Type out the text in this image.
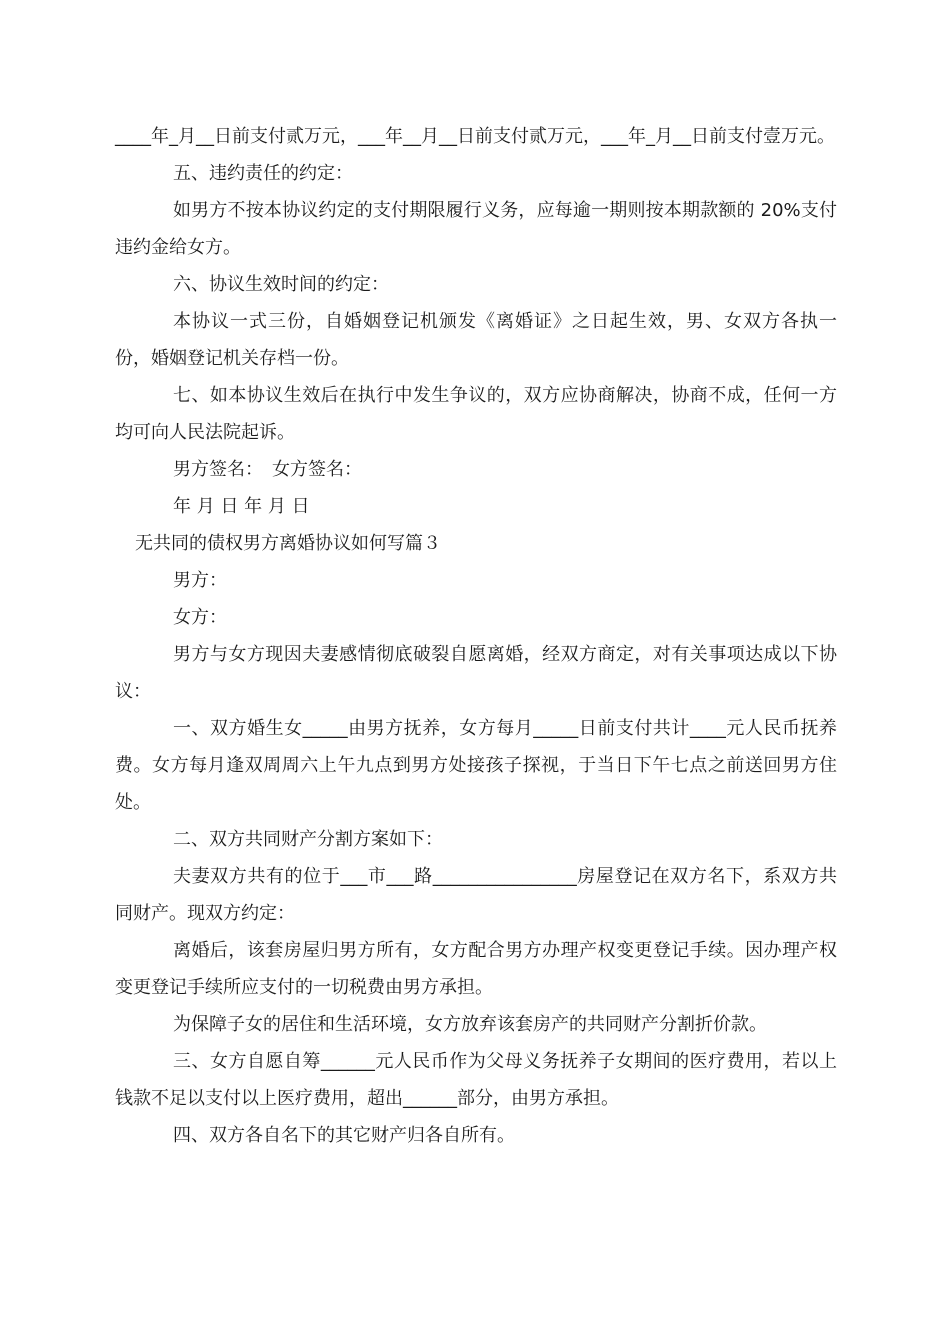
____年_月__日前支付贰万元，___年__月__日前支付贰万元，___年_月__日前支付壹万元。

五、违约责任的约定：

如男方不按本协议约定的支付期限履行义务，应每逾一期则按本期款额的 20%支付违约金给女方。

六、协议生效时间的约定：

本协议一式三份，自婚姻登记机颁发《离婚证》之日起生效，男、女双方各执一份，婚姻登记机关存档一份。

七、如本协议生效后在执行中发生争议的，双方应协商解决，协商不成，任何一方均可向人民法院起诉。

男方签名：　女方签名：

年 月 日 年 月 日

无共同的债权男方离婚协议如何写篇３

男方：

女方：

男方与女方现因夫妻感情彻底破裂自愿离婚，经双方商定，对有关事项达成以下协议：

一、双方婚生女_____由男方抚养，女方每月_____日前支付共计____元人民币抚养费。女方每月逢双周周六上午九点到男方处接孩子探视，于当日下午七点之前送回男方住处。

二、双方共同财产分割方案如下：

夫妻双方共有的位于___市___路________________房屋登记在双方名下，系双方共同财产。现双方约定：

离婚后，该套房屋归男方所有，女方配合男方办理产权变更登记手续。因办理产权变更登记手续所应支付的一切税费由男方承担。

为保障子女的居住和生活环境，女方放弃该套房产的共同财产分割折价款。

三、女方自愿自筹______元人民币作为父母义务抚养子女期间的医疗费用，若以上钱款不足以支付以上医疗费用，超出______部分，由男方承担。

四、双方各自名下的其它财产归各自所有。
